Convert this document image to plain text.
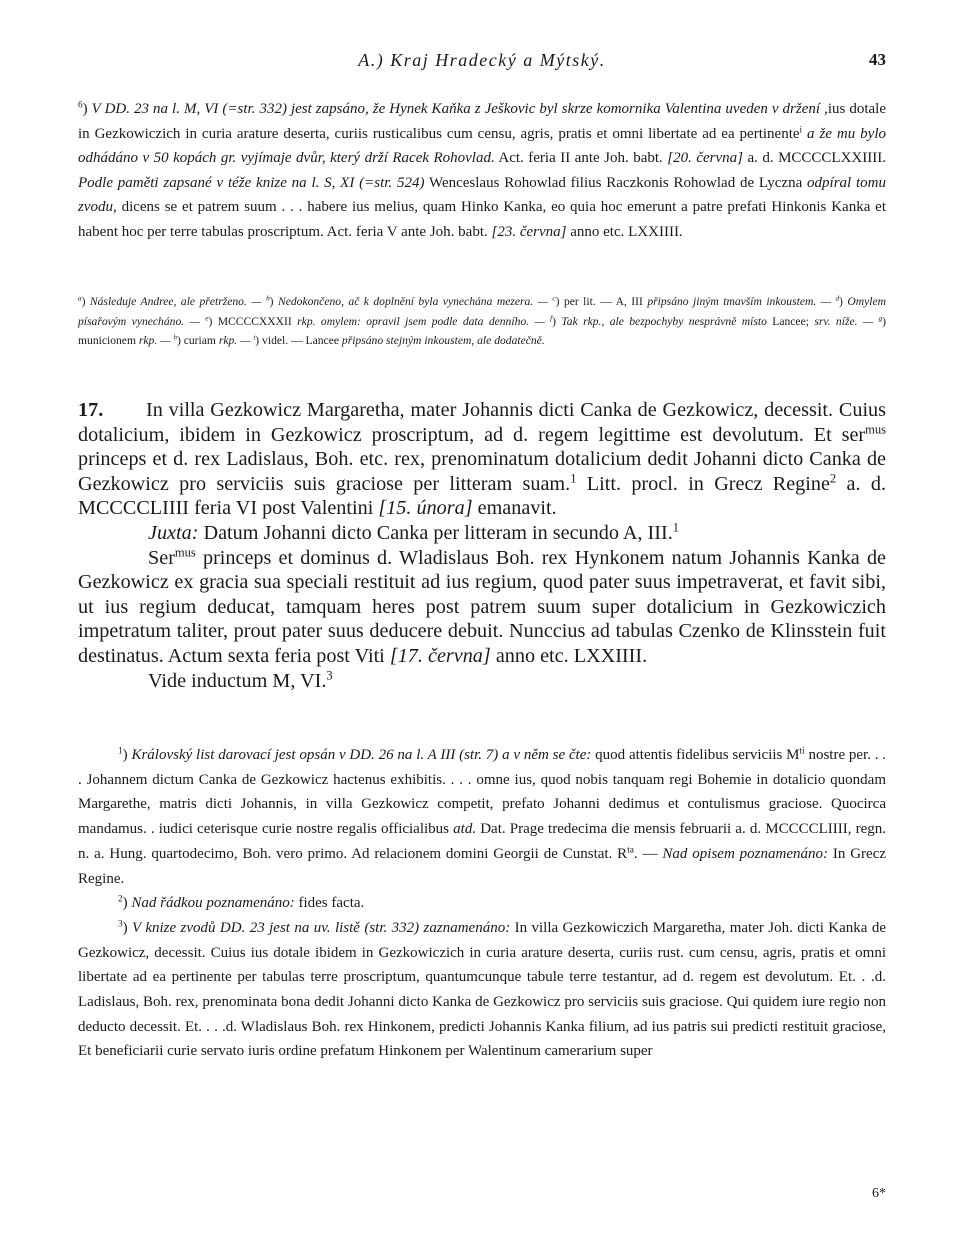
A.) Kraj Hradecký a Mýtský.	43

$^6$) V DD. 23 na l. M, VI (=str. 332) jest zapsáno, že Hynek Kaňka z Ješkovic byl skrze komornika Valentina uveden v držení ,ius dotale in Gezkowiczich in curia arature deserta, curiis rusticalibus cum censu, agris, pratis et omni libertate ad ea pertinente$^i$ a že mu bylo odhádáno v 50 kopách gr. vyjímaje dvůr, který drží Racek Rohovlad. Act. feria II ante Joh. babt. [20. června] a. d. MCCCCLXXIIII. Podle paměti zapsané v téže knize na l. S, XI (=str. 524) Wenceslaus Rohowlad filius Raczkonis Rohowlad de Lyczna odpíral tomu zvodu, dicens se et patrem suum . . . habere ius melius, quam Hinko Kanka, eo quia hoc emerunt a patre prefati Hinkonis Kanka et habent hoc per terre tabulas proscriptum. Act. feria V ante Joh. babt. [23. června] anno etc. LXXIIII.

$^a$) Následuje Andree, ale přetrženo. — $^b$) Nedokončeno, ač k doplnění byla vynechána mezera. — $^c$) per lit. — A, III připsáno jiným tmavším inkoustem. — $^d$) Omylem písařovým vynecháno. — $^e$) MCCCCXXXII rkp. omylem: opravil jsem podle data denního. — $^f$) Tak rkp., ale bezpochyby nesprávně místo Lancee; srv. níže. — $^g$) municionem rkp. — $^h$) curiam rkp. — $^i$) videl. — Lancee připsáno stejným inkoustem, ale dodatečně.

17. In villa Gezkowicz Margaretha, mater Johannis dicti Canka de Gezkowicz, decessit. Cuius dotalicium, ibidem in Gezkowicz proscriptum, ad d. regem legittime est devolutum. Et ser$^{mus}$ princeps et d. rex Ladislaus, Boh. etc. rex, prenominatum dotalicium dedit Johanni dicto Canka de Gezkowicz pro serviciis suis graciose per litteram suam.$^1$ Litt. procl. in Grecz Regine$^2$ a. d. MCCCCLIIII feria VI post Valentini [15. února] emanavit.

Juxta: Datum Johanni dicto Canka per litteram in secundo A, III.$^1$

Ser$^{mus}$ princeps et dominus d. Wladislaus Boh. rex Hynkonem natum Johannis Kanka de Gezkowicz ex gracia sua speciali restituit ad ius regium, quod pater suus impetraverat, et favit sibi, ut ius regium deducat, tamquam heres post patrem suum super dotalicium in Gezkowiczich impetratum taliter, prout pater suus deducere debuit. Nunccius ad tabulas Czenko de Klinsstein fuit destinatus. Actum sexta feria post Viti [17. června] anno etc. LXXIIII.

Vide inductum M, VI.$^3$

$^1$) Královský list darovací jest opsán v DD. 26 na l. A III (str. 7) a v něm se čte: quod attentis fidelibus serviciis $M^{ti}$ nostre per. . . . Johannem dictum Canka de Gezkowicz hactenus exhibitis. . . . omne ius, quod nobis tanquam regi Bohemie in dotalicio quondam Margarethe, matris dicti Johannis, in villa Gezkowicz competit, prefato Johanni dedimus et contulismus graciose. Quocirca mandamus. . iudici ceterisque curie nostre regalis officialibus atd. Dat. Prage tredecima die mensis februarii a. d. MCCCCLIIII, regn. n. a. Hung. quartodecimo, Boh. vero primo. Ad relacionem domini Georgii de Cunstat. $R^{ta}$. — Nad opisem poznamenáno: In Grecz Regine.

$^2$) Nad řádkou poznamenáno: fides facta.

$^3$) V knize zvodů DD. 23 jest na uv. listě (str. 332) zaznamenáno: In villa Gezkowiczich Margaretha, mater Joh. dicti Kanka de Gezkowicz, decessit. Cuius ius dotale ibidem in Gezkowiczich in curia arature deserta, curiis rust. cum censu, agris, pratis et omni libertate ad ea pertinente per tabulas terre proscriptum, quantumcunque tabule terre testantur, ad d. regem est devolutum. Et. . .d. Ladislaus, Boh. rex, prenominata bona dedit Johanni dicto Kanka de Gezkowicz pro serviciis suis graciose. Qui quidem iure regio non deducto decessit. Et. . . .d. Wladislaus Boh. rex Hinkonem, predicti Johannis Kanka filium, ad ius patris sui predicti restituit graciose, Et beneficiarii curie servato iuris ordine prefatum Hinkonem per Walentinum camerarium super

6*
